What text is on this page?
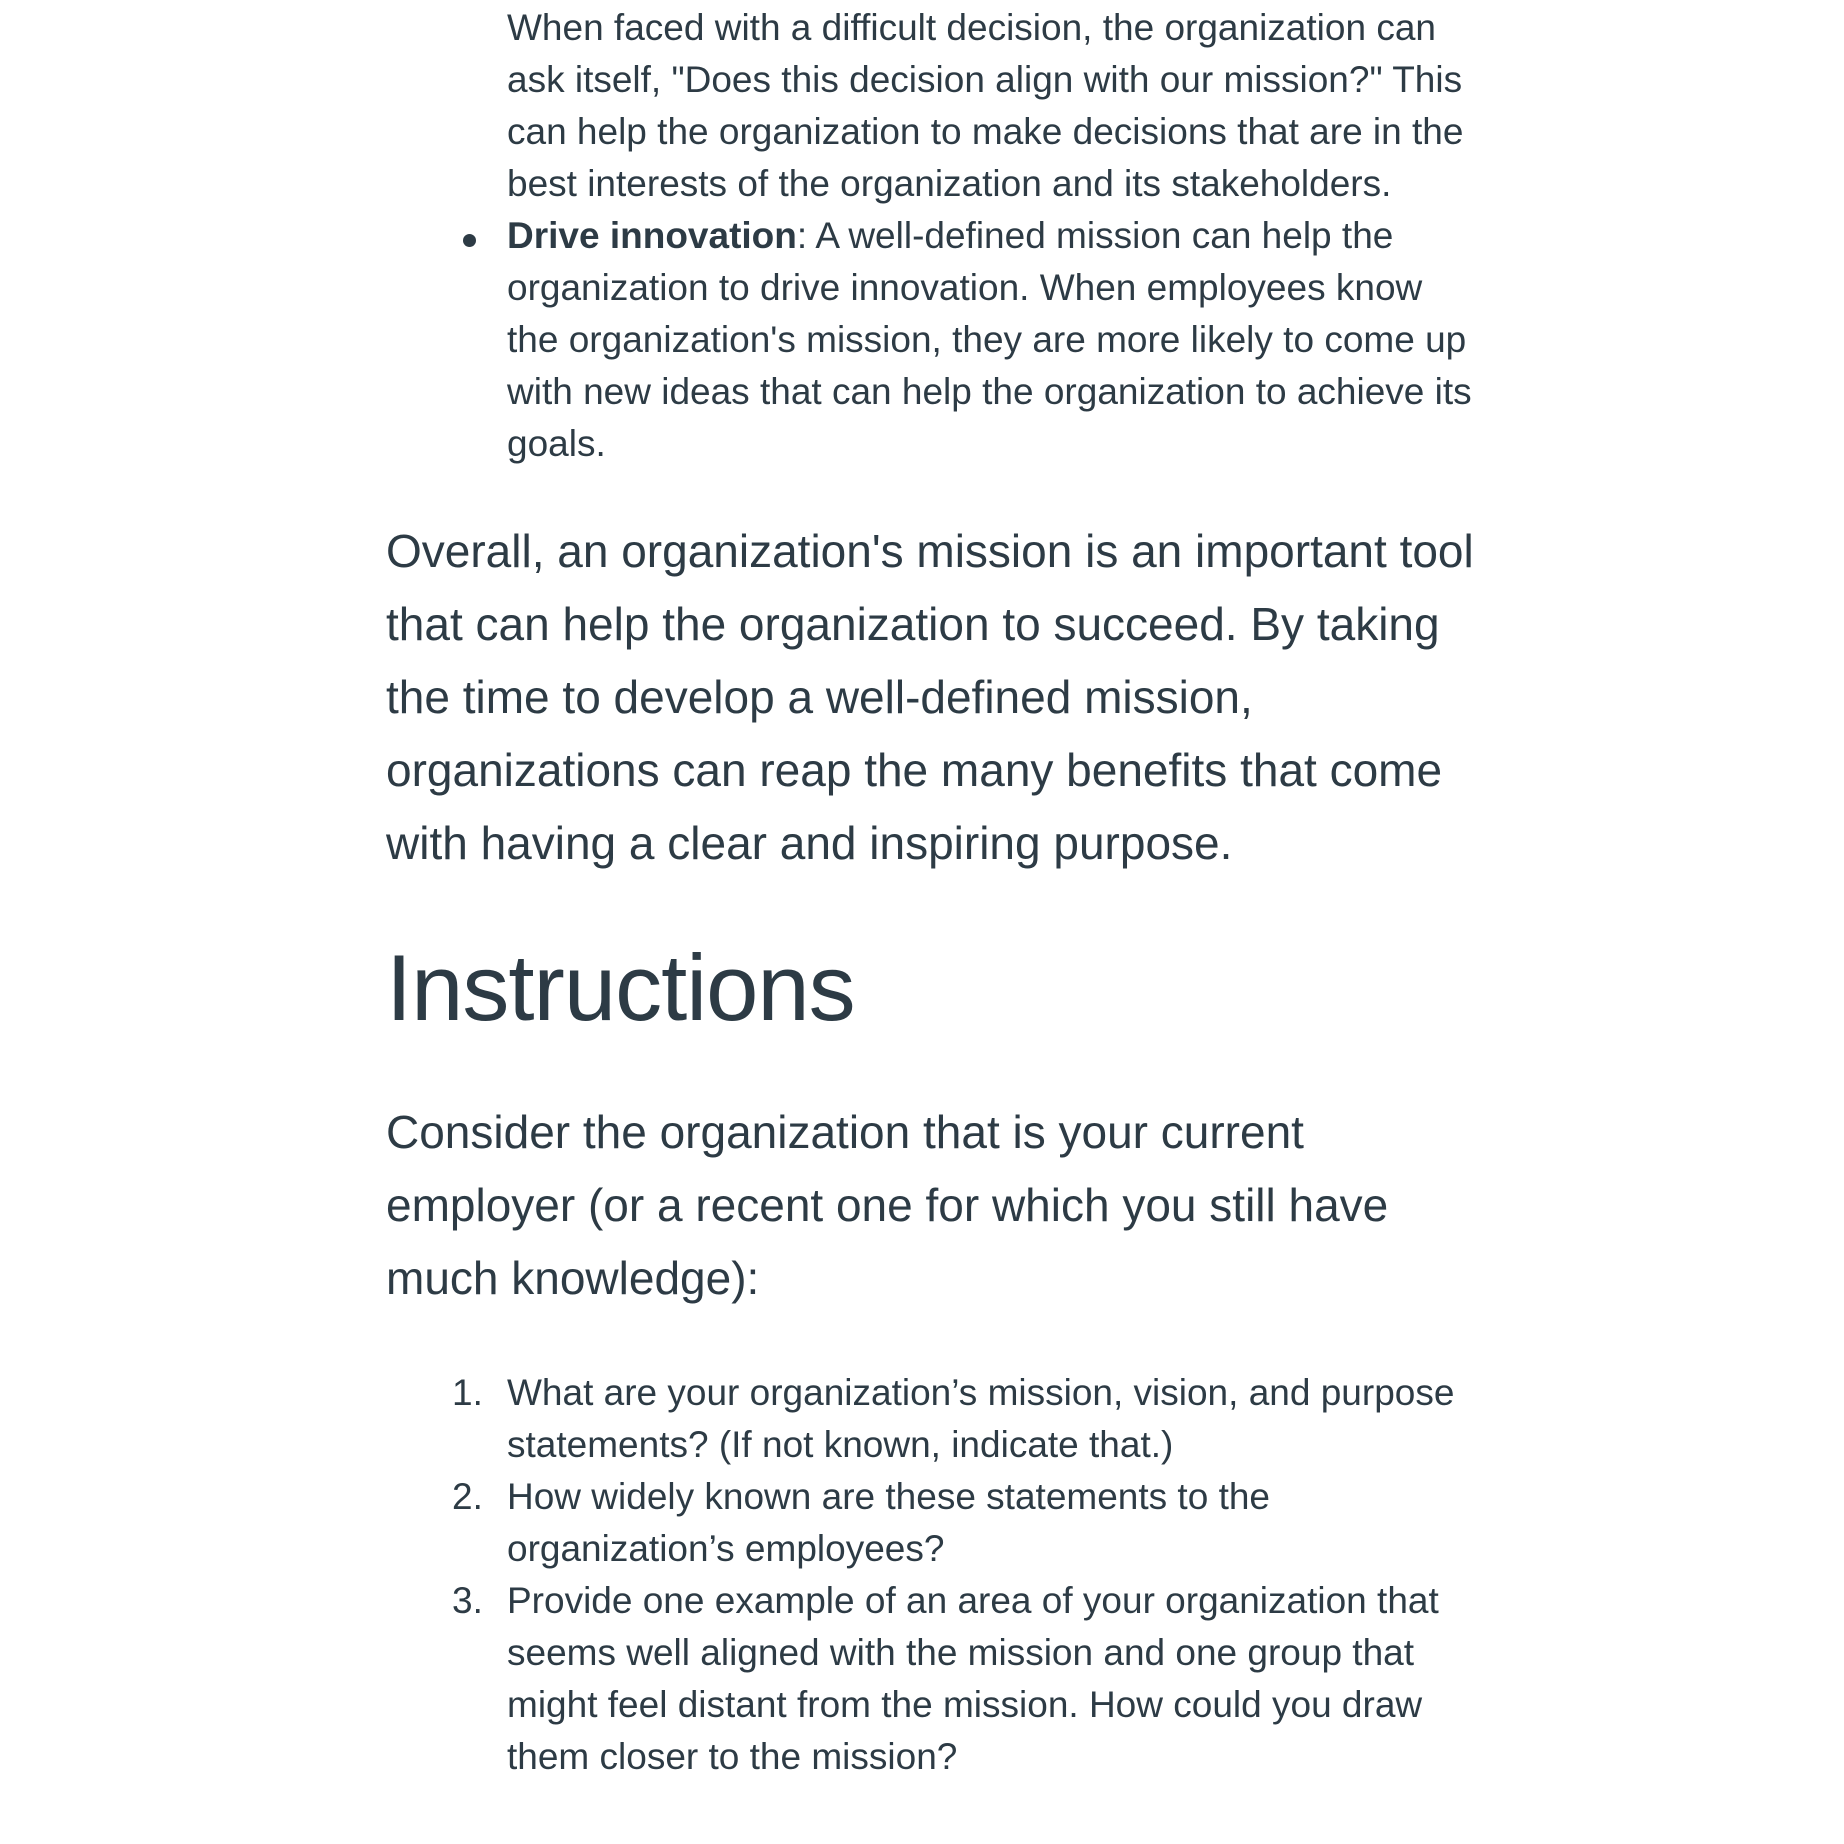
When faced with a difficult decision, the organization can ask itself, "Does this decision align with our mission?" This can help the organization to make decisions that are in the best interests of the organization and its stakeholders.
Drive innovation: A well-defined mission can help the organization to drive innovation. When employees know the organization's mission, they are more likely to come up with new ideas that can help the organization to achieve its goals.

Overall, an organization's mission is an important tool that can help the organization to succeed. By taking the time to develop a well-defined mission, organizations can reap the many benefits that come with having a clear and inspiring purpose.

Instructions

Consider the organization that is your current employer (or a recent one for which you still have much knowledge):

1. What are your organization’s mission, vision, and purpose statements? (If not known, indicate that.)
2. How widely known are these statements to the organization’s employees?
3. Provide one example of an area of your organization that seems well aligned with the mission and one group that might feel distant from the mission. How could you draw them closer to the mission?
